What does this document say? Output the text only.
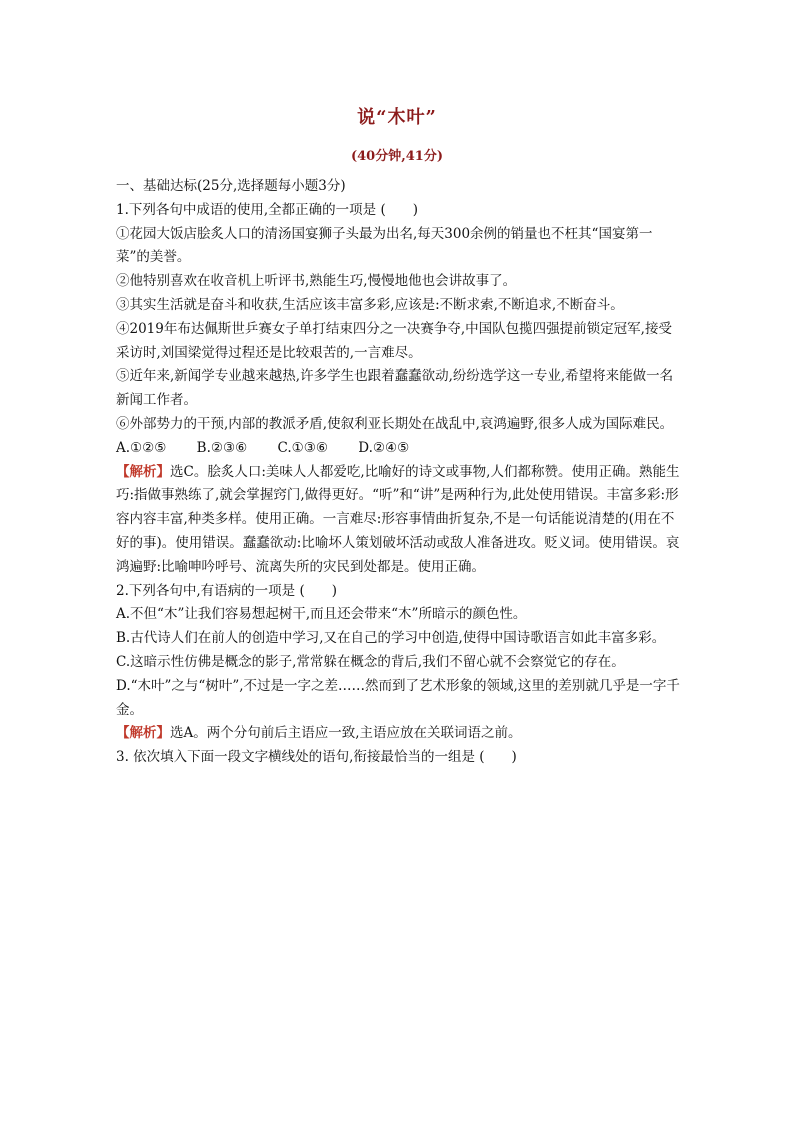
说“木叶”
(40分钟,41分)

一、基础达标(25分,选择题每小题3分)

1.下列各句中成语的使用,全都正确的一项是 (　　)

①花园大饭店脍炙人口的清汤国宴狮子头最为出名,每天300余例的销量也不枉其“国宴第一菜”的美誉。

②他特别喜欢在收音机上听评书,熟能生巧,慢慢地他也会讲故事了。

③其实生活就是奋斗和收获,生活应该丰富多彩,应该是:不断求索,不断追求,不断奋斗。

④2019年布达佩斯世乒赛女子单打结束四分之一决赛争夺,中国队包揽四强提前锁定冠军,接受采访时,刘国梁觉得过程还是比较艰苦的,一言难尽。

⑤近年来,新闻学专业越来越热,许多学生也跟着蠢蠢欲动,纷纷选学这一专业,希望将来能做一名新闻工作者。

⑥外部势力的干预,内部的教派矛盾,使叙利亚长期处在战乱中,哀鸿遍野,很多人成为国际难民。

A.①②⑤ B.②③⑥ C.①③⑥ D.②④⑤

【解析】选C。脍炙人口:美味人人都爱吃,比喻好的诗文或事物,人们都称赞。使用正确。熟能生巧:指做事熟练了,就会掌握窍门,做得更好。“听”和“讲”是两种行为,此处使用错误。丰富多彩:形容内容丰富,种类多样。使用正确。一言难尽:形容事情曲折复杂,不是一句话能说清楚的(用在不好的事)。使用错误。蠢蠢欲动:比喻坏人策划破坏活动或敌人准备进攻。贬义词。使用错误。哀鸿遍野:比喻呻吟呼号、流离失所的灾民到处都是。使用正确。

2.下列各句中,有语病的一项是 (　　)

A.不但“木”让我们容易想起树干,而且还会带来“木”所暗示的颜色性。

B.古代诗人们在前人的创造中学习,又在自己的学习中创造,使得中国诗歌语言如此丰富多彩。

C.这暗示性仿佛是概念的影子,常常躲在概念的背后,我们不留心就不会察觉它的存在。

D.“木叶”之与“树叶”,不过是一字之差……然而到了艺术形象的领域,这里的差别就几乎是一字千金。

【解析】选A。两个分句前后主语应一致,主语应放在关联词语之前。

3. 依次填入下面一段文字横线处的语句,衔接最恰当的一组是 (　　)
